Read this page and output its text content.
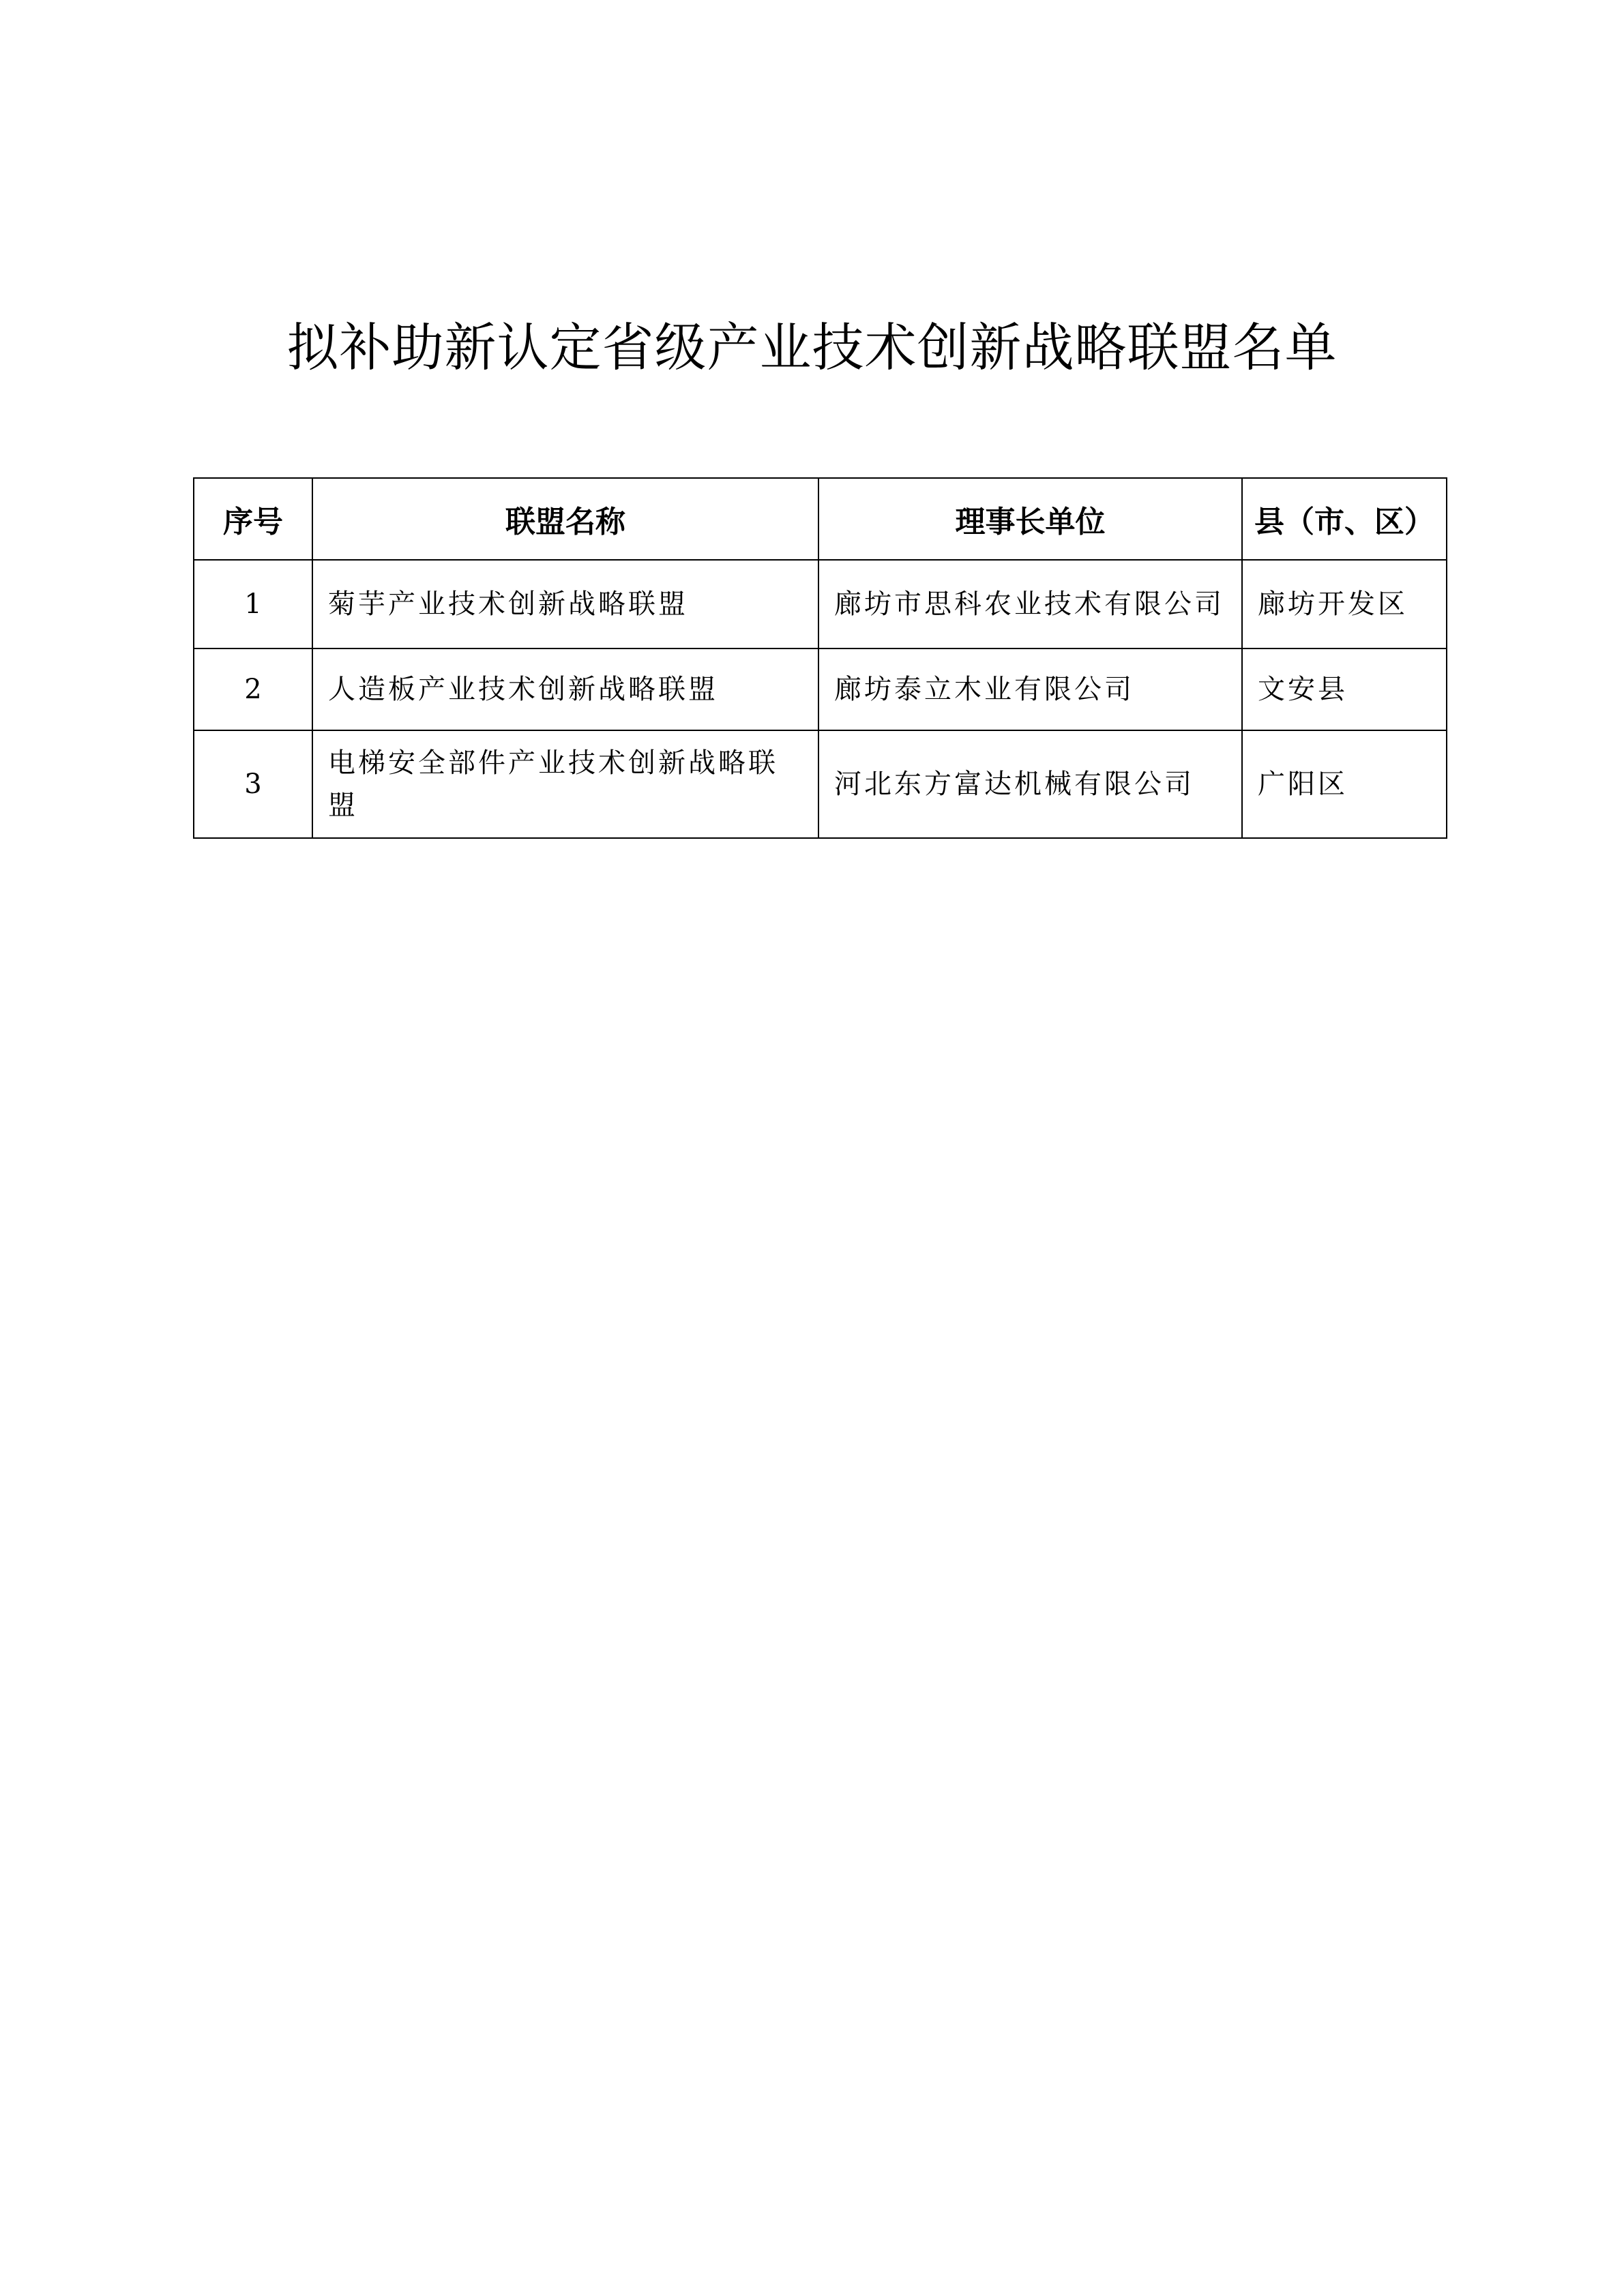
拟补助新认定省级产业技术创新战略联盟名单
序号	联盟名称	理事长单位	县（市、区）
1	菊芋产业技术创新战略联盟	廊坊市思科农业技术有限公司	廊坊开发区
2	人造板产业技术创新战略联盟	廊坊泰立木业有限公司	文安县
3	电梯安全部件产业技术创新战略联盟	河北东方富达机械有限公司	广阳区
